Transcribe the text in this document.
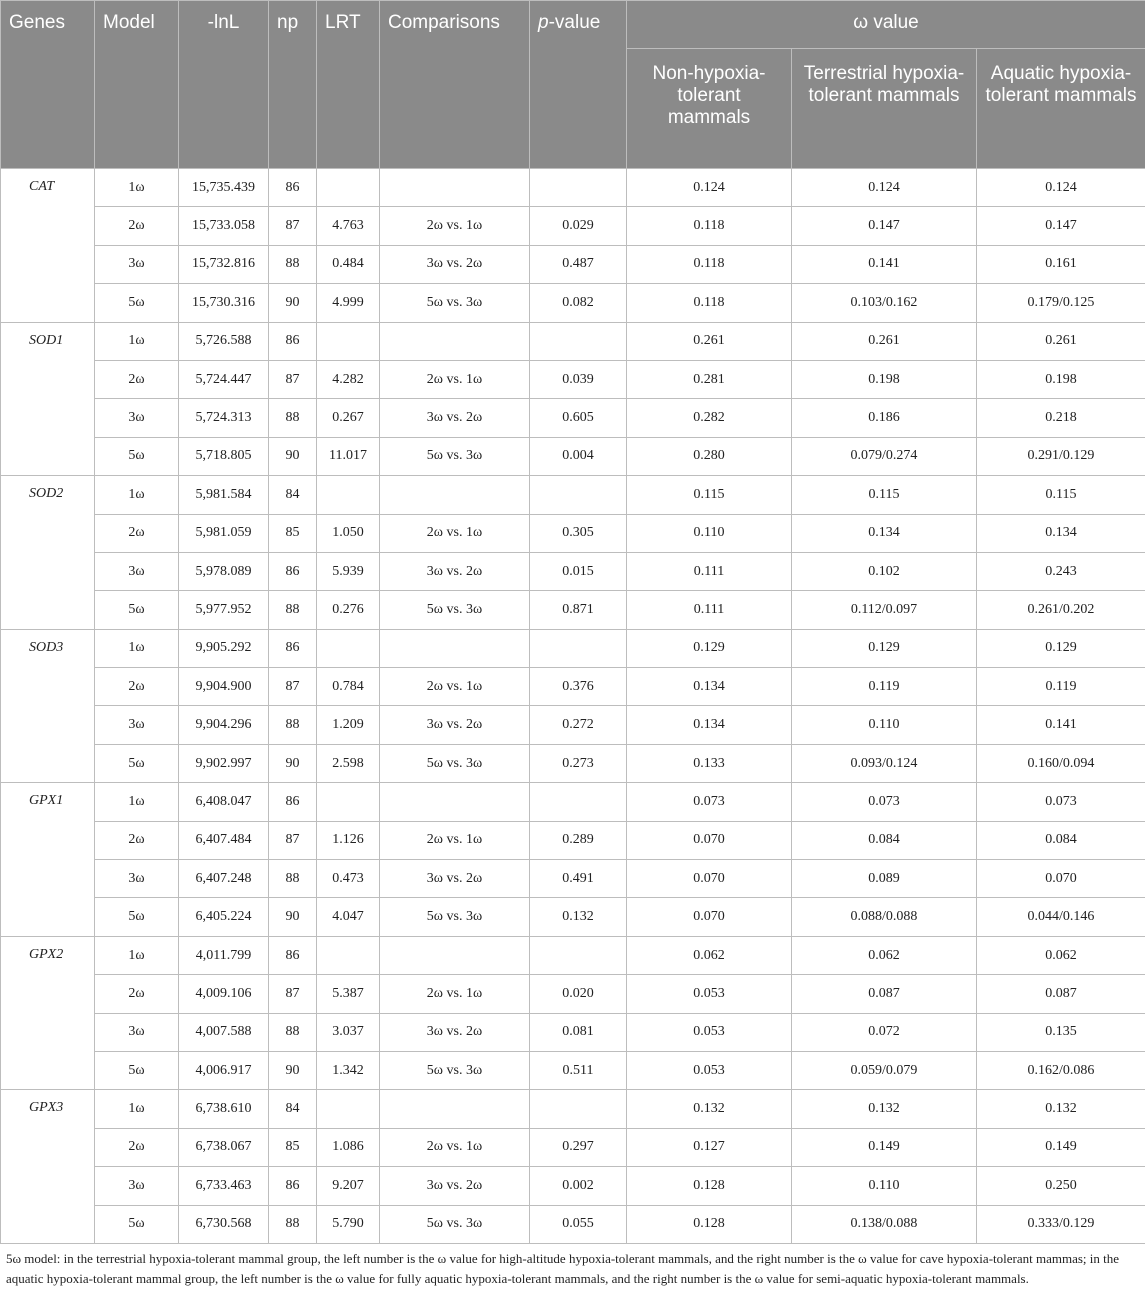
Genes	Model	-lnL	np	LRT	Comparisons	p-value	ω value		
							Non-hypoxia-tolerant mammals	Terrestrial hypoxia-tolerant mammals	Aquatic hypoxia-tolerant mammals
CAT	1ω	15,735.439	86				0.124	0.124	0.124
	2ω	15,733.058	87	4.763	2ω vs. 1ω	0.029	0.118	0.147	0.147
	3ω	15,732.816	88	0.484	3ω vs. 2ω	0.487	0.118	0.141	0.161
	5ω	15,730.316	90	4.999	5ω vs. 3ω	0.082	0.118	0.103/0.162	0.179/0.125
SOD1	1ω	5,726.588	86				0.261	0.261	0.261
	2ω	5,724.447	87	4.282	2ω vs. 1ω	0.039	0.281	0.198	0.198
	3ω	5,724.313	88	0.267	3ω vs. 2ω	0.605	0.282	0.186	0.218
	5ω	5,718.805	90	11.017	5ω vs. 3ω	0.004	0.280	0.079/0.274	0.291/0.129
SOD2	1ω	5,981.584	84				0.115	0.115	0.115
	2ω	5,981.059	85	1.050	2ω vs. 1ω	0.305	0.110	0.134	0.134
	3ω	5,978.089	86	5.939	3ω vs. 2ω	0.015	0.111	0.102	0.243
	5ω	5,977.952	88	0.276	5ω vs. 3ω	0.871	0.111	0.112/0.097	0.261/0.202
SOD3	1ω	9,905.292	86				0.129	0.129	0.129
	2ω	9,904.900	87	0.784	2ω vs. 1ω	0.376	0.134	0.119	0.119
	3ω	9,904.296	88	1.209	3ω vs. 2ω	0.272	0.134	0.110	0.141
	5ω	9,902.997	90	2.598	5ω vs. 3ω	0.273	0.133	0.093/0.124	0.160/0.094
GPX1	1ω	6,408.047	86				0.073	0.073	0.073
	2ω	6,407.484	87	1.126	2ω vs. 1ω	0.289	0.070	0.084	0.084
	3ω	6,407.248	88	0.473	3ω vs. 2ω	0.491	0.070	0.089	0.070
	5ω	6,405.224	90	4.047	5ω vs. 3ω	0.132	0.070	0.088/0.088	0.044/0.146
GPX2	1ω	4,011.799	86				0.062	0.062	0.062
	2ω	4,009.106	87	5.387	2ω vs. 1ω	0.020	0.053	0.087	0.087
	3ω	4,007.588	88	3.037	3ω vs. 2ω	0.081	0.053	0.072	0.135
	5ω	4,006.917	90	1.342	5ω vs. 3ω	0.511	0.053	0.059/0.079	0.162/0.086
GPX3	1ω	6,738.610	84				0.132	0.132	0.132
	2ω	6,738.067	85	1.086	2ω vs. 1ω	0.297	0.127	0.149	0.149
	3ω	6,733.463	86	9.207	3ω vs. 2ω	0.002	0.128	0.110	0.250
	5ω	6,730.568	88	5.790	5ω vs. 3ω	0.055	0.128	0.138/0.088	0.333/0.129
5ω model: in the terrestrial hypoxia-tolerant mammal group, the left number is the ω value for high-altitude hypoxia-tolerant mammals, and the right number is the ω value for cave hypoxia-tolerant mammas; in the aquatic hypoxia-tolerant mammal group, the left number is the ω value for fully aquatic hypoxia-tolerant mammals, and the right number is the ω value for semi-aquatic hypoxia-tolerant mammals.
